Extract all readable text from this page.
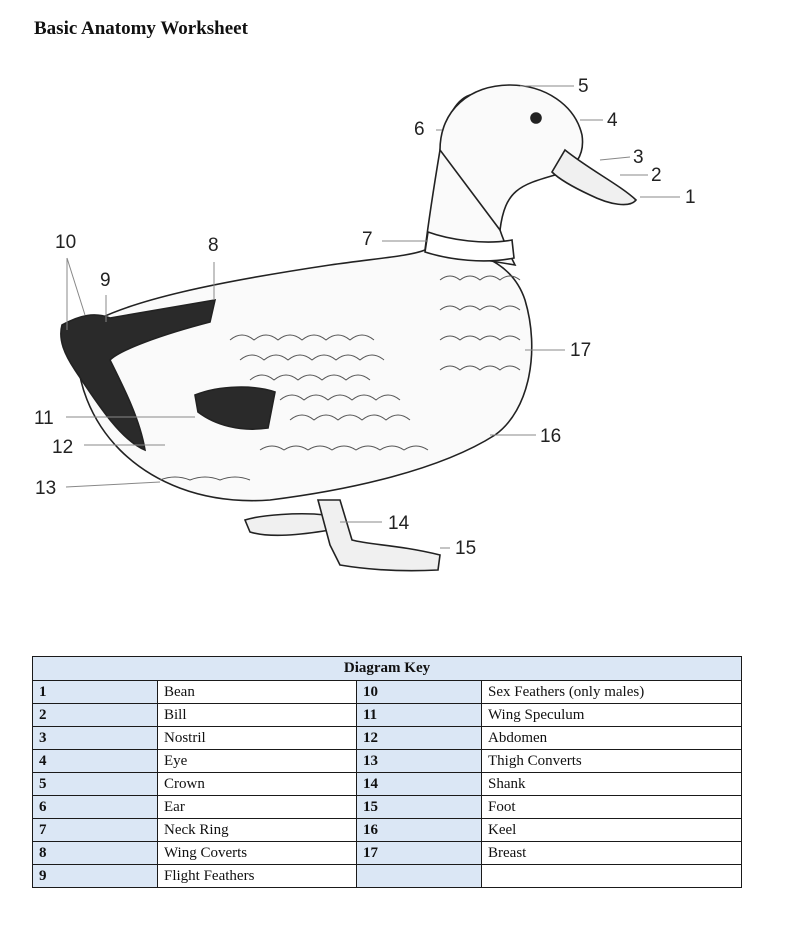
Basic Anatomy Worksheet
1
2
3
4
5
6
7
8
9
10
11
12
13
14
15
16
17
Diagram Key			
1	Bean	10	Sex Feathers (only males)
2	Bill	11	Wing Speculum
3	Nostril	12	Abdomen
4	Eye	13	Thigh Converts
5	Crown	14	Shank
6	Ear	15	Foot
7	Neck Ring	16	Keel
8	Wing Coverts	17	Breast
9	Flight Feathers		
